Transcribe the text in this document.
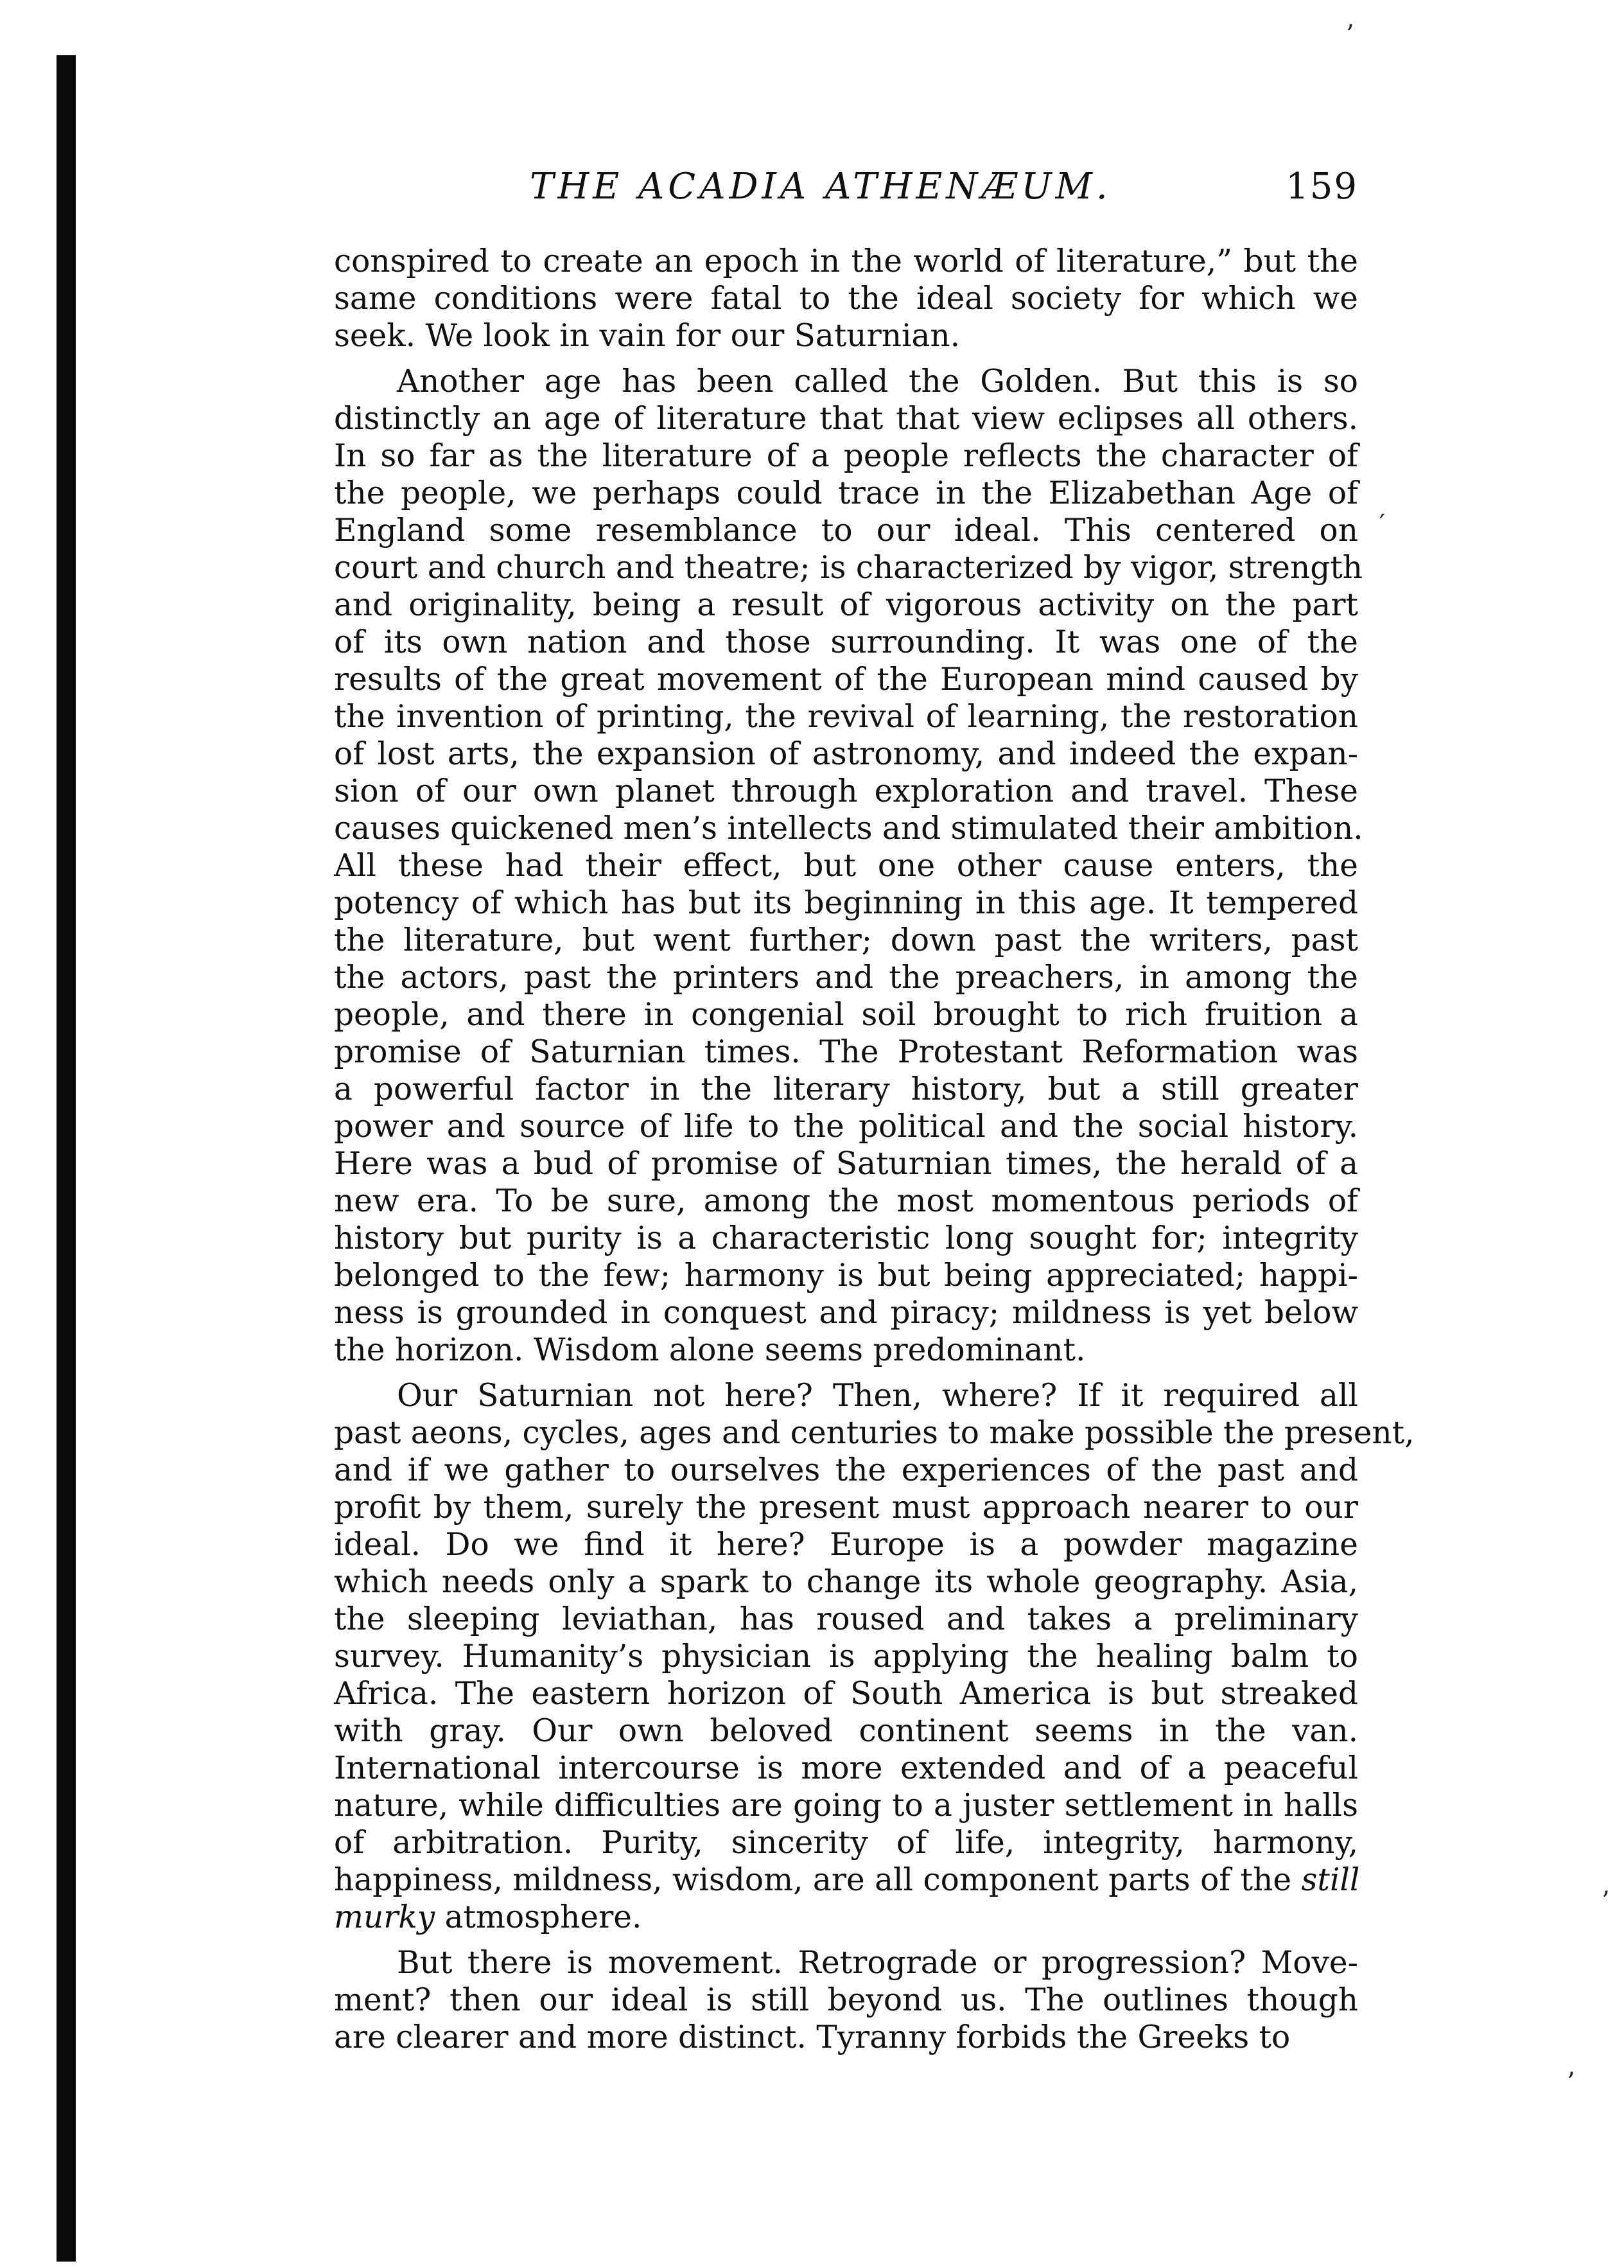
’
′
’
’
THE ACADIA ATHENÆUM.	159
conspired to create an epoch in the world of literature,” but the
same conditions were fatal to the ideal society for which we
seek. We look in vain for our Saturnian.
Another age has been called the Golden. But this is so
distinctly an age of literature that that view eclipses all others.
In so far as the literature of a people reflects the character of
the people, we perhaps could trace in the Elizabethan Age of
England some resemblance to our ideal. This centered on
court and church and theatre; is characterized by vigor, strength
and originality, being a result of vigorous activity on the part
of its own nation and those surrounding. It was one of the
results of the great movement of the European mind caused by
the invention of printing, the revival of learning, the restoration
of lost arts, the expansion of astronomy, and indeed the expan-
sion of our own planet through exploration and travel. These
causes quickened men’s intellects and stimulated their ambition.
All these had their effect, but one other cause enters, the
potency of which has but its beginning in this age. It tempered
the literature, but went further; down past the writers, past
the actors, past the printers and the preachers, in among the
people, and there in congenial soil brought to rich fruition a
promise of Saturnian times. The Protestant Reformation was
a powerful factor in the literary history, but a still greater
power and source of life to the political and the social history.
Here was a bud of promise of Saturnian times, the herald of a
new era. To be sure, among the most momentous periods of
history but purity is a characteristic long sought for; integrity
belonged to the few; harmony is but being appreciated; happi-
ness is grounded in conquest and piracy; mildness is yet below
the horizon. Wisdom alone seems predominant.
Our Saturnian not here? Then, where? If it required all
past aeons, cycles, ages and centuries to make possible the present,
and if we gather to ourselves the experiences of the past and
profit by them, surely the present must approach nearer to our
ideal. Do we find it here? Europe is a powder magazine
which needs only a spark to change its whole geography. Asia,
the sleeping leviathan, has roused and takes a preliminary
survey. Humanity’s physician is applying the healing balm to
Africa. The eastern horizon of South America is but streaked
with gray. Our own beloved continent seems in the van.
International intercourse is more extended and of a peaceful
nature, while difficulties are going to a juster settlement in halls
of arbitration. Purity, sincerity of life, integrity, harmony,
happiness, mildness, wisdom, are all component parts of the still
murky atmosphere.
But there is movement. Retrograde or progression? Move-
ment? then our ideal is still beyond us. The outlines though
are clearer and more distinct. Tyranny forbids the Greeks to
